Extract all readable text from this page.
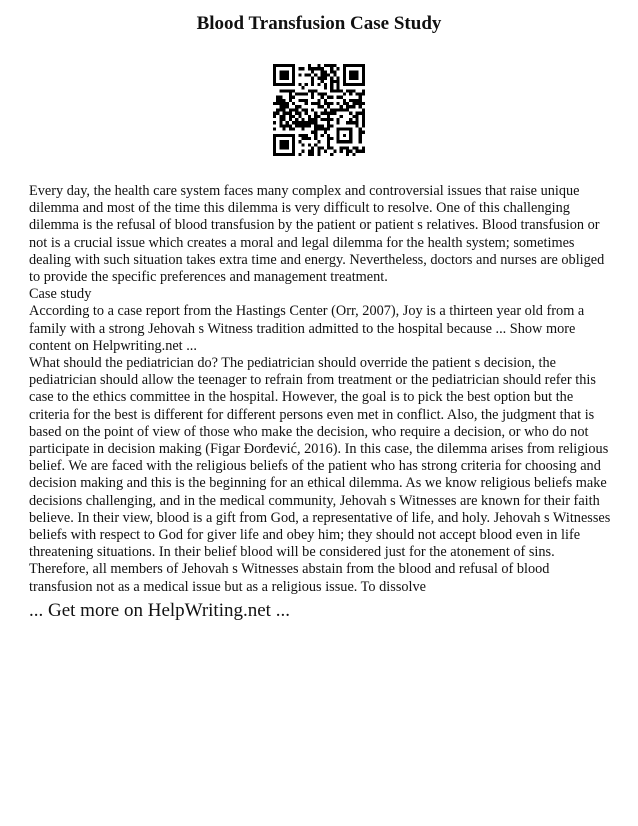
Blood Transfusion Case Study

Every day, the health care system faces many complex and controversial issues that raise unique dilemma and most of the time this dilemma is very difficult to resolve. One of this challenging dilemma is the refusal of blood transfusion by the patient or patient s relatives. Blood transfusion or not is a crucial issue which creates a moral and legal dilemma for the health system; sometimes dealing with such situation takes extra time and energy. Nevertheless, doctors and nurses are obliged to provide the specific preferences and management treatment.

Case study

According to a case report from the Hastings Center (Orr, 2007), Joy is a thirteen year old from a family with a strong Jehovah s Witness tradition admitted to the hospital because ... Show more content on Helpwriting.net ...

What should the pediatrician do? The pediatrician should override the patient s decision, the pediatrician should allow the teenager to refrain from treatment or the pediatrician should refer this case to the ethics committee in the hospital. However, the goal is to pick the best option but the criteria for the best is different for different persons even met in conflict. Also, the judgment that is based on the point of view of those who make the decision, who require a decision, or who do not participate in decision making (Figar Đorđević, 2016). In this case, the dilemma arises from religious belief. We are faced with the religious beliefs of the patient who has strong criteria for choosing and decision making and this is the beginning for an ethical dilemma. As we know religious beliefs make decisions challenging, and in the medical community, Jehovah s Witnesses are known for their faith believe. In their view, blood is a gift from God, a representative of life, and holy. Jehovah s Witnesses beliefs with respect to God for giver life and obey him; they should not accept blood even in life threatening situations. In their belief blood will be considered just for the atonement of sins. Therefore, all members of Jehovah s Witnesses abstain from the blood and refusal of blood transfusion not as a medical issue but as a religious issue. To dissolve

... Get more on HelpWriting.net ...
